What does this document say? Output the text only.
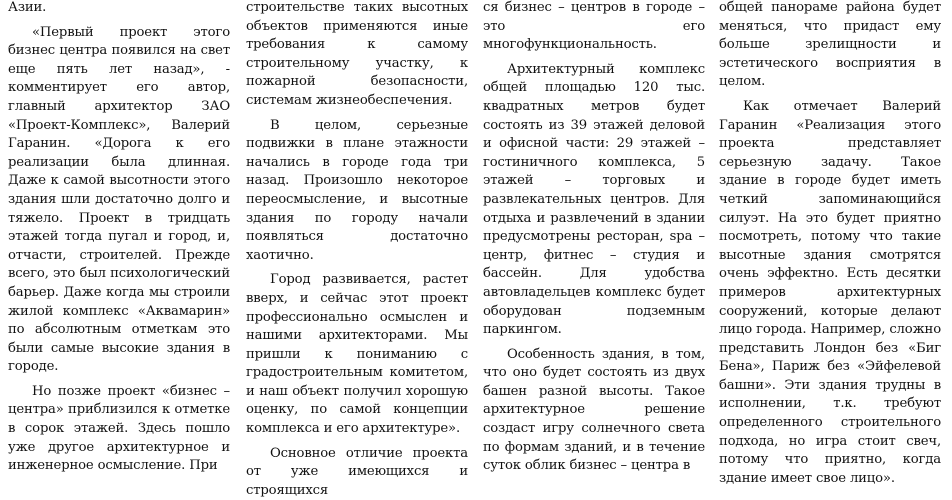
Азии.

«Первый проект этого бизнес центра появился на свет еще пять лет назад», - комментирует его автор, главный архитектор ЗАО «Проект-Комплекс», Валерий Гаранин. «Дорога к его реализации была длинная. Даже к самой высотности этого здания шли достаточно долго и тяжело. Проект в тридцать этажей тогда пугал и город, и, отчасти, строителей. Прежде всего, это был психологический барьер. Даже когда мы строили жилой комплекс «Аквамарин» по абсолютным отметкам это были самые высокие здания в городе.

Но позже проект «бизнес – центра» приблизился к отметке в сорок этажей. Здесь пошло уже другое архитектурное и инженерное осмысление. При

строительстве таких высотных объектов применяются иные требования к самому строительному участку, к пожарной безопасности, системам жизнеобеспечения.

В целом, серьезные подвижки в плане этажности начались в городе года три назад. Произошло некоторое переосмысление, и высотные здания по городу начали появляться достаточно хаотично.

Город развивается, растет вверх, и сейчас этот проект профессионально осмыслен и нашими архитекторами. Мы пришли к пониманию с градостроительным комитетом, и наш объект получил хорошую оценку, по самой концепции комплекса и его архитектуре».

Основное отличие проекта от уже имеющихся и строящихся

ся бизнес – центров в городе – это его многофункциональность.

Архитектурный комплекс общей площадью 120 тыс. квадратных метров будет состоять из 39 этажей деловой и офисной части: 29 этажей – гостиничного комплекса, 5 этажей – торговых и развлекательных центров. Для отдыха и развлечений в здании предусмотрены ресторан, spa – центр, фитнес – студия и бассейн. Для удобства автовладельцев комплекс будет оборудован подземным паркингом.

Особенность здания, в том, что оно будет состоять из двух башен разной высоты. Такое архитектурное решение создаст игру солнечного света по формам зданий, и в течение суток облик бизнес – центра в

общей панораме района будет меняться, что придаст ему больше зрелищности и эстетического восприятия в целом.

Как отмечает Валерий Гаранин «Реализация этого проекта представляет серьезную задачу. Такое здание в городе будет иметь четкий запоминающийся силуэт. На это будет приятно посмотреть, потому что такие высотные здания смотрятся очень эффектно. Есть десятки примеров архитектурных сооружений, которые делают лицо города. Например, сложно представить Лондон без «Биг Бена», Париж без «Эйфелевой башни». Эти здания трудны в исполнении, т.к. требуют определенного строительного подхода, но игра стоит свеч, потому что приятно, когда здание имеет свое лицо».
